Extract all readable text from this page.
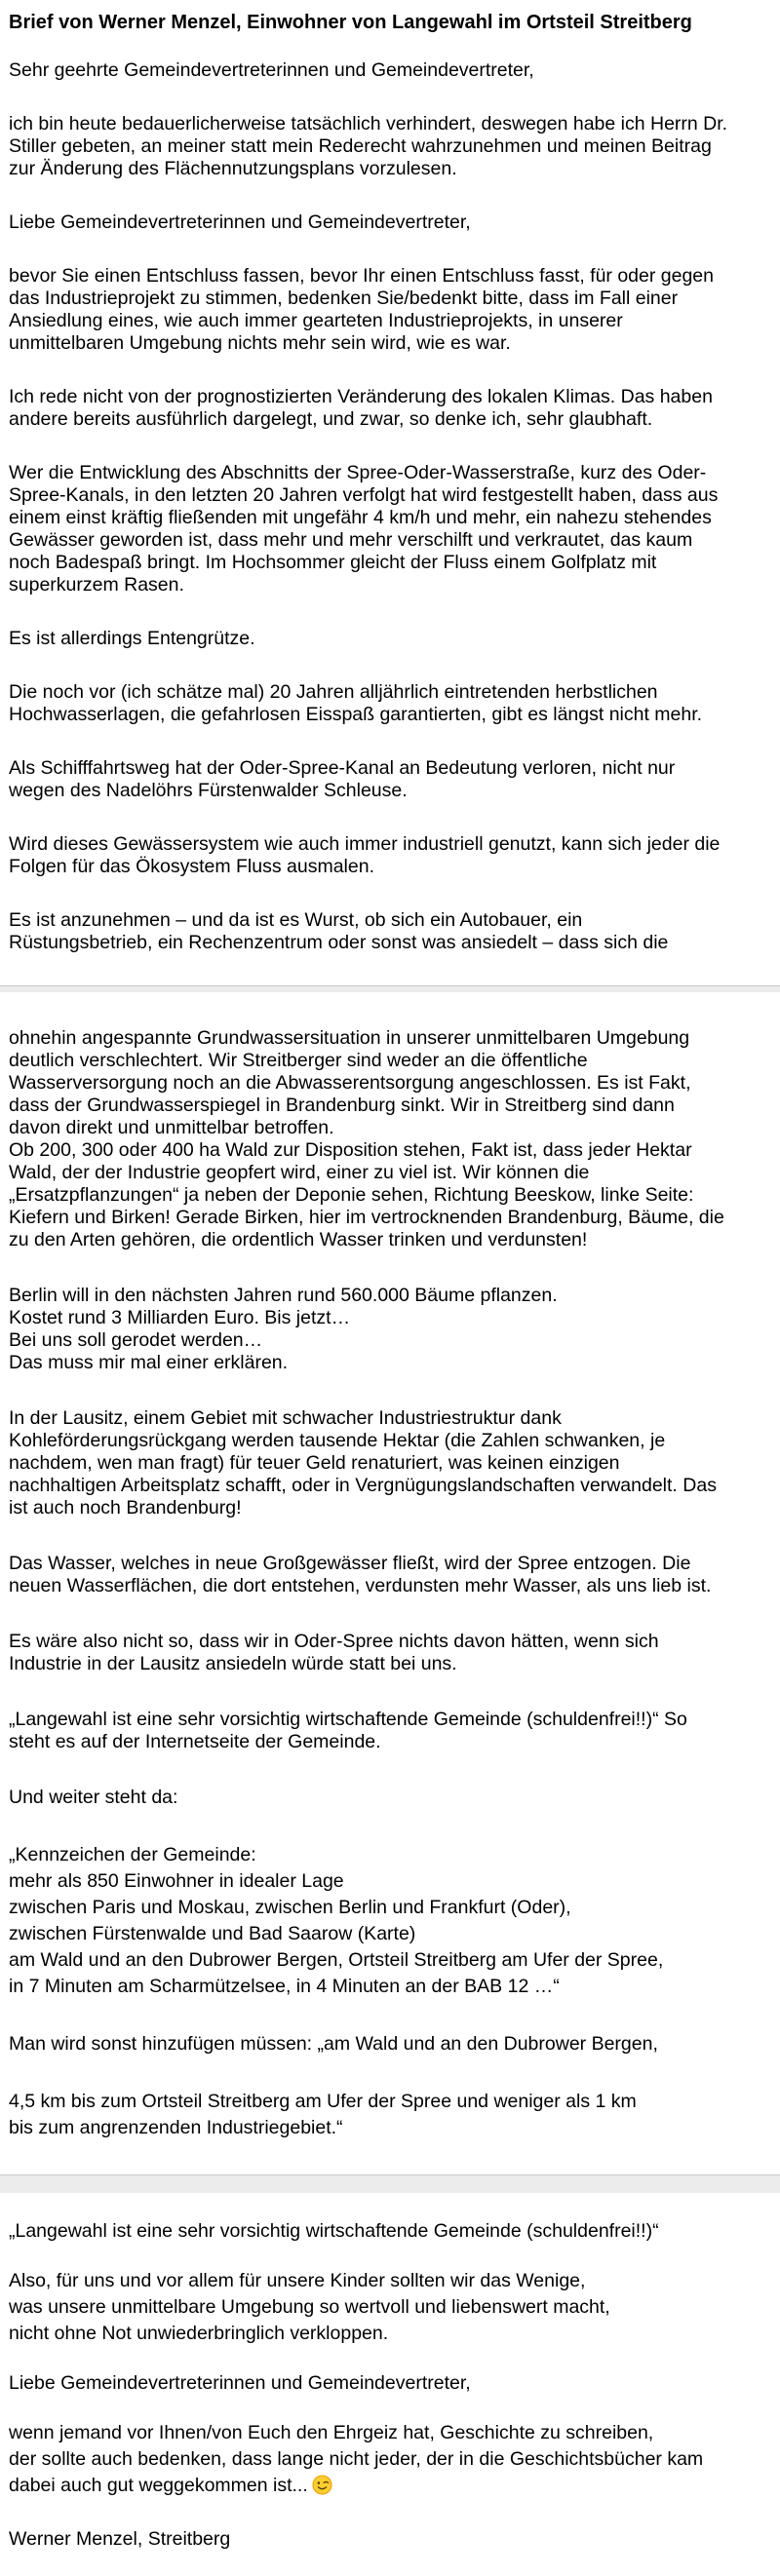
Brief von Werner Menzel, Einwohner von Langewahl im Ortsteil Streitberg

Sehr geehrte Gemeindevertreterinnen und Gemeindevertreter,

ich bin heute bedauerlicherweise tatsächlich verhindert, deswegen habe ich Herrn Dr.
Stiller gebeten, an meiner statt mein Rederecht wahrzunehmen und meinen Beitrag
zur Änderung des Flächennutzungsplans vorzulesen.

Liebe Gemeindevertreterinnen und Gemeindevertreter,

bevor Sie einen Entschluss fassen, bevor Ihr einen Entschluss fasst, für oder gegen
das Industrieprojekt zu stimmen, bedenken Sie/bedenkt bitte, dass im Fall einer
Ansiedlung eines, wie auch immer gearteten Industrieprojekts, in unserer
unmittelbaren Umgebung nichts mehr sein wird, wie es war.

Ich rede nicht von der prognostizierten Veränderung des lokalen Klimas. Das haben
andere bereits ausführlich dargelegt, und zwar, so denke ich, sehr glaubhaft.

Wer die Entwicklung des Abschnitts der Spree-Oder-Wasserstraße, kurz des Oder-
Spree-Kanals, in den letzten 20 Jahren verfolgt hat wird festgestellt haben, dass aus
einem einst kräftig fließenden mit ungefähr 4 km/h und mehr, ein nahezu stehendes
Gewässer geworden ist, dass mehr und mehr verschilft und verkrautet, das kaum
noch Badespaß bringt. Im Hochsommer gleicht der Fluss einem Golfplatz mit
superkurzem Rasen.

Es ist allerdings Entengrütze.

Die noch vor (ich schätze mal) 20 Jahren alljährlich eintretenden herbstlichen
Hochwasserlagen, die gefahrlosen Eisspaß garantierten, gibt es längst nicht mehr.

Als Schifffahrtsweg hat der Oder-Spree-Kanal an Bedeutung verloren, nicht nur
wegen des Nadelöhrs Fürstenwalder Schleuse.

Wird dieses Gewässersystem wie auch immer industriell genutzt, kann sich jeder die
Folgen für das Ökosystem Fluss ausmalen.

Es ist anzunehmen – und da ist es Wurst, ob sich ein Autobauer, ein
Rüstungsbetrieb, ein Rechenzentrum oder sonst was ansiedelt – dass sich die

ohnehin angespannte Grundwassersituation in unserer unmittelbaren Umgebung
deutlich verschlechtert. Wir Streitberger sind weder an die öffentliche
Wasserversorgung noch an die Abwasserentsorgung angeschlossen. Es ist Fakt,
dass der Grundwasserspiegel in Brandenburg sinkt. Wir in Streitberg sind dann
davon direkt und unmittelbar betroffen.
Ob 200, 300 oder 400 ha Wald zur Disposition stehen, Fakt ist, dass jeder Hektar
Wald, der der Industrie geopfert wird, einer zu viel ist. Wir können die
„Ersatzpflanzungen“ ja neben der Deponie sehen, Richtung Beeskow, linke Seite:
Kiefern und Birken! Gerade Birken, hier im vertrocknenden Brandenburg, Bäume, die
zu den Arten gehören, die ordentlich Wasser trinken und verdunsten!

Berlin will in den nächsten Jahren rund 560.000 Bäume pflanzen.
Kostet rund 3 Milliarden Euro. Bis jetzt…
Bei uns soll gerodet werden…
Das muss mir mal einer erklären.

In der Lausitz, einem Gebiet mit schwacher Industriestruktur dank
Kohleförderungsrückgang werden tausende Hektar (die Zahlen schwanken, je
nachdem, wen man fragt) für teuer Geld renaturiert, was keinen einzigen
nachhaltigen Arbeitsplatz schafft, oder in Vergnügungslandschaften verwandelt. Das
ist auch noch Brandenburg!

Das Wasser, welches in neue Großgewässer fließt, wird der Spree entzogen. Die
neuen Wasserflächen, die dort entstehen, verdunsten mehr Wasser, als uns lieb ist.

Es wäre also nicht so, dass wir in Oder-Spree nichts davon hätten, wenn sich
Industrie in der Lausitz ansiedeln würde statt bei uns.

„Langewahl ist eine sehr vorsichtig wirtschaftende Gemeinde (schuldenfrei!!)“ So
steht es auf der Internetseite der Gemeinde.

Und weiter steht da:

„Kennzeichen der Gemeinde:
mehr als 850 Einwohner in idealer Lage
zwischen Paris und Moskau, zwischen Berlin und Frankfurt (Oder),
zwischen Fürstenwalde und Bad Saarow (Karte)
am Wald und an den Dubrower Bergen, Ortsteil Streitberg am Ufer der Spree,
in 7 Minuten am Scharmützelsee, in 4 Minuten an der BAB 12 …“

Man wird sonst hinzufügen müssen: „am Wald und an den Dubrower Bergen,

4,5 km bis zum Ortsteil Streitberg am Ufer der Spree und weniger als 1 km
bis zum angrenzenden Industriegebiet.“

„Langewahl ist eine sehr vorsichtig wirtschaftende Gemeinde (schuldenfrei!!)“

Also, für uns und vor allem für unsere Kinder sollten wir das Wenige,
was unsere unmittelbare Umgebung so wertvoll und liebenswert macht,
nicht ohne Not unwiederbringlich verkloppen.

Liebe Gemeindevertreterinnen und Gemeindevertreter,

wenn jemand vor Ihnen/von Euch den Ehrgeiz hat, Geschichte zu schreiben,
der sollte auch bedenken, dass lange nicht jeder, der in die Geschichtsbücher kam
dabei auch gut weggekommen ist...

Werner Menzel, Streitberg
